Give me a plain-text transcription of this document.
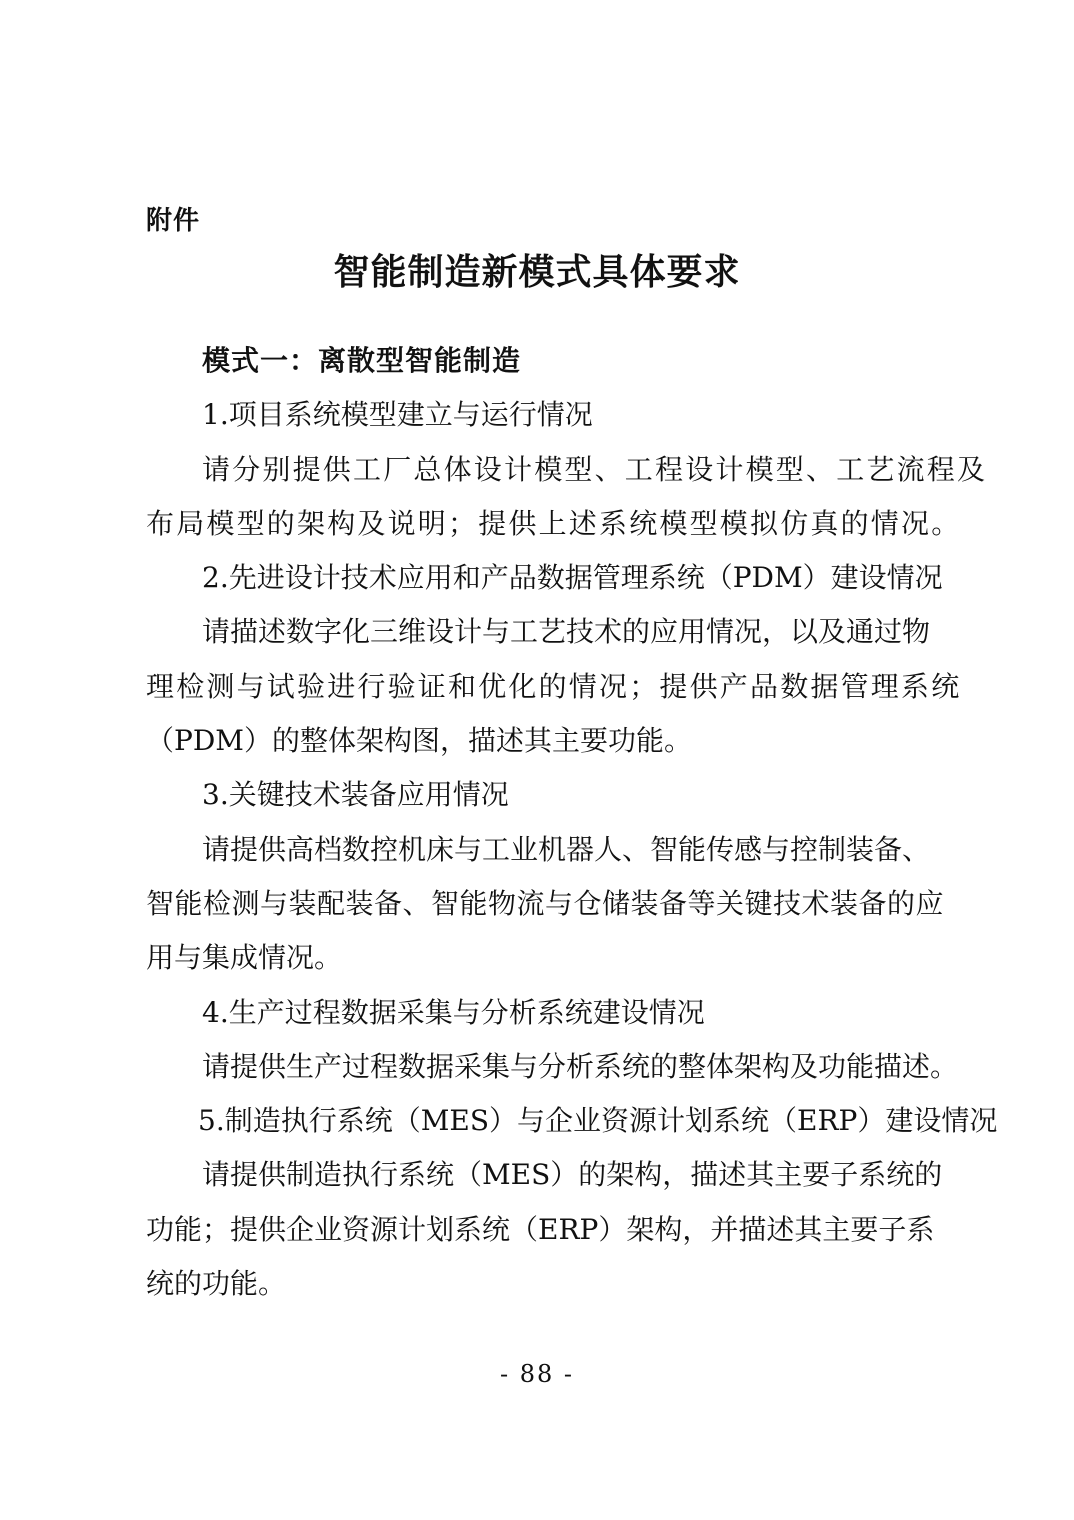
附件
智能制造新模式具体要求
模式一：离散型智能制造
1.项目系统模型建立与运行情况
请分别提供工厂总体设计模型、工程设计模型、工艺流程及
布局模型的架构及说明；提供上述系统模型模拟仿真的情况。
2.先进设计技术应用和产品数据管理系统（PDM）建设情况
请描述数字化三维设计与工艺技术的应用情况，以及通过物
理检测与试验进行验证和优化的情况；提供产品数据管理系统
（PDM）的整体架构图，描述其主要功能。
3.关键技术装备应用情况
请提供高档数控机床与工业机器人、智能传感与控制装备、
智能检测与装配装备、智能物流与仓储装备等关键技术装备的应
用与集成情况。
4.生产过程数据采集与分析系统建设情况
请提供生产过程数据采集与分析系统的整体架构及功能描述。
5.制造执行系统（MES）与企业资源计划系统（ERP）建设情况
请提供制造执行系统（MES）的架构，描述其主要子系统的
功能；提供企业资源计划系统（ERP）架构，并描述其主要子系
统的功能。
- 88 -
